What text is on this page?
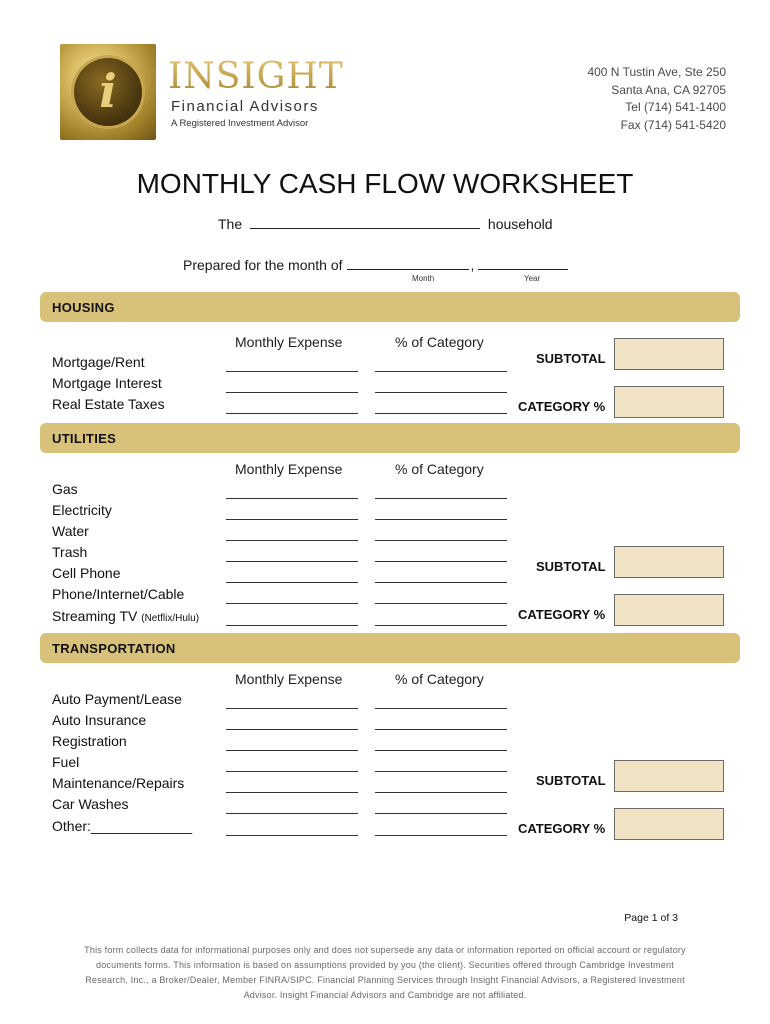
i	INSIGHT
Financial Advisors
A Registered Investment Advisor
400 N Tustin Ave, Ste 250
Santa Ana, CA 92705
Tel (714) 541-1400
Fax (714) 541-5420
MONTHLY CASH FLOW WORKSHEET
The	household
Prepared for the month of	,
Month	Year
HOUSING
Monthly Expense	% of Category
Mortgage/Rent
Mortgage Interest
Real Estate Taxes
SUBTOTAL
CATEGORY %
UTILITIES
Monthly Expense	% of Category
Gas
Electricity
Water
Trash
Cell Phone
Phone/Internet/Cable
Streaming TV (Netflix/Hulu)
SUBTOTAL
CATEGORY %
TRANSPORTATION
Monthly Expense	% of Category
Auto Payment/Lease
Auto Insurance
Registration
Fuel
Maintenance/Repairs
Car Washes
Other:_____________
SUBTOTAL
CATEGORY %
Page 1 of 3
This form collects data for informational purposes only and does not supersede any data or information reported on official account or regulatory
documents forms. This information is based on assumptions provided by you (the client). Securities offered through Cambridge Investment
Research, Inc., a Broker/Dealer, Member FINRA/SIPC. Financial Planning Services through Insight Financial Advisors, a Registered Investment
Advisor. Insight Financial Advisors and Cambridge are not affiliated.
